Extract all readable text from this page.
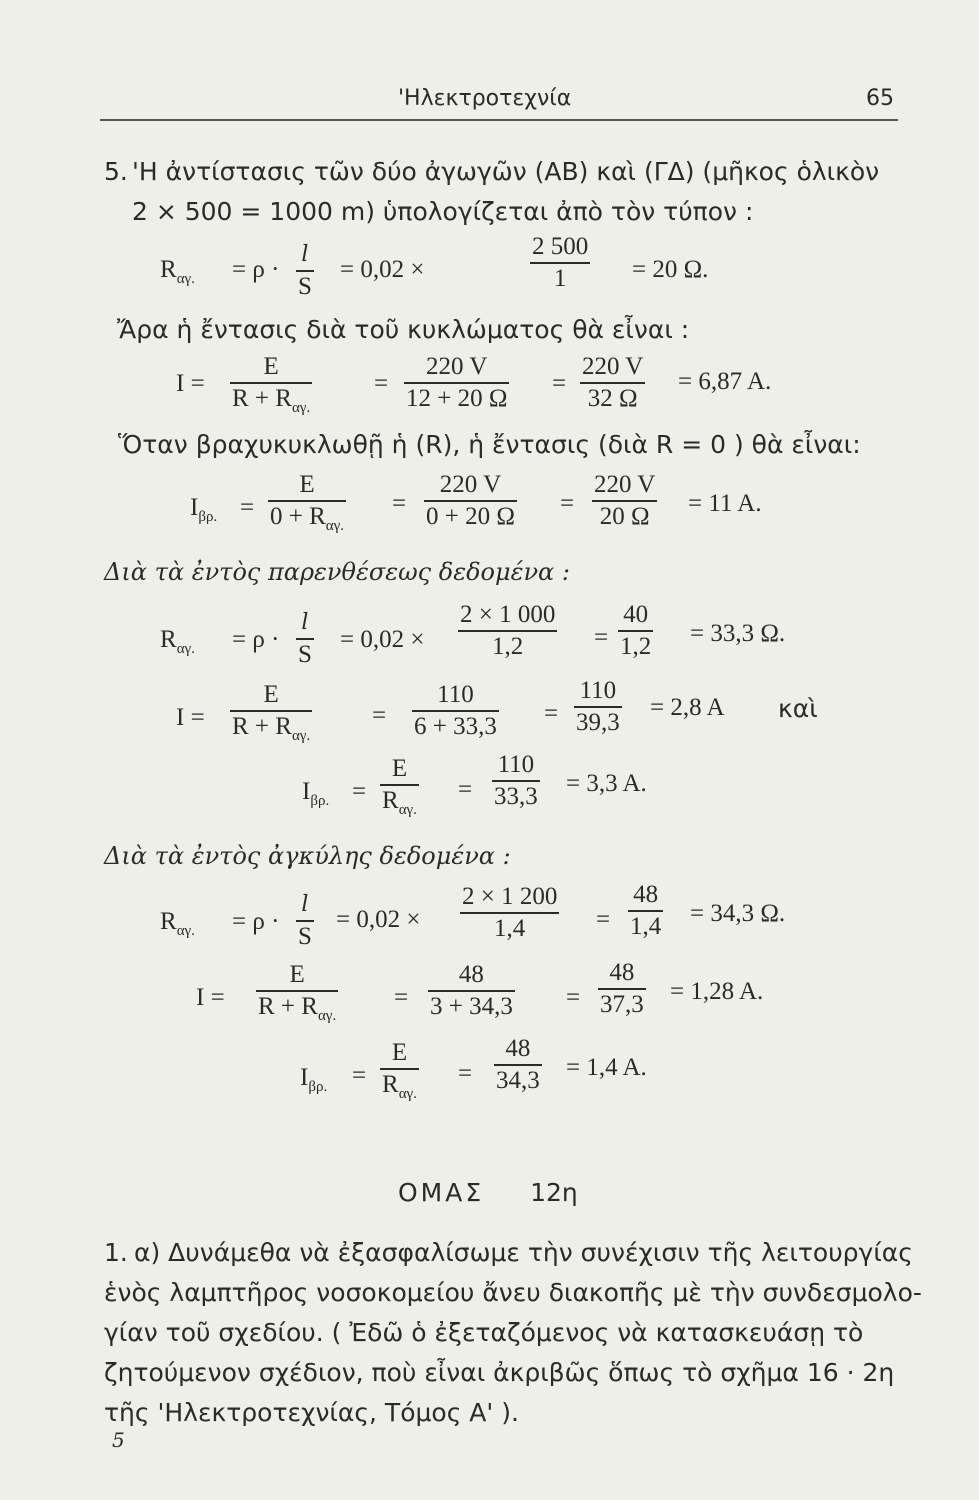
'Ηλεκτροτεχνία	65
5. 'Η ἀντίστασις τῶν δύο ἀγωγῶν (ΑΒ) καὶ (ΓΔ) (μῆκος ὁλικὸν
2 × 500 = 1000 m) ὑπολογίζεται ἀπὸ τὸν τύπον :
$R_{\alpha\gamma.} = \rho$ ·
l
S
= 0,02 ×
2 500
1	= 20 Ω.
Ἄρα ἡ ἔντασις διὰ τοῦ κυκλώματος θὰ εἶναι :
I =
E
$R + R_{\alpha\gamma.}$
=
220 V
12 + 20 Ω
=
220 V
32 Ω
= 6,87 A.
Ὅταν βραχυκυκλωθῇ ἡ (R), ἡ ἔντασις (διὰ R = 0 ) θὰ εἶναι:
$I_{\beta\rho.}$ =
E
$0 + R_{\alpha\gamma.}$
=
220 V
0 + 20 Ω =
220 V
20 Ω = 11 A.
Διὰ τὰ ἐντὸς παρενθέσεως δεδομένα :
$R_{\alpha\gamma.} = \rho$ ·
l
S
= 0,02 ×
2 × 1 000
1,2	=
40
1,2 = 33,3 Ω.
I =
E
$R + R_{\alpha\gamma.}$
=
110
6 + 33,3 =
110
39,3
= 2,8 A καὶ
$I_{\beta\rho.}$ =
E
$R_{\alpha\gamma.}$
=
110
33,3 = 3,3 A.
Διὰ τὰ ἐντὸς ἀγκύλης δεδομένα :
$R_{\alpha\gamma.} = \rho$ ·
l
S
= 0,02 ×
2 × 1 200
1,4	=
48
1,4 = 34,3 Ω.
I =
E
$R + R_{\alpha\gamma.}$
=
48
3 + 34,3 =
48
37,3 = 1,28 A.
$I_{\beta\rho.}$ =
E
$R_{\alpha\gamma.}$
=
48
34,3 = 1,4 A.
ΟΜΑΣ 12η
1. α) Δυνάμεθα νὰ ἐξασφαλίσωμε τὴν συνέχισιν τῆς λειτουργίας
ἑνὸς λαμπτῆρος νοσοκομείου ἄνευ διακοπῆς μὲ τὴν συνδεσμολο-
γίαν τοῦ σχεδίου. ( Ἐδῶ ὁ ἐξεταζόμενος νὰ κατασκευάσῃ τὸ
ζητούμενον σχέδιον, ποὺ εἶναι ἀκριβῶς ὅπως τὸ σχῆμα 16 · 2η
τῆς 'Ηλεκτροτεχνίας, Τόμος Α' ).
5
